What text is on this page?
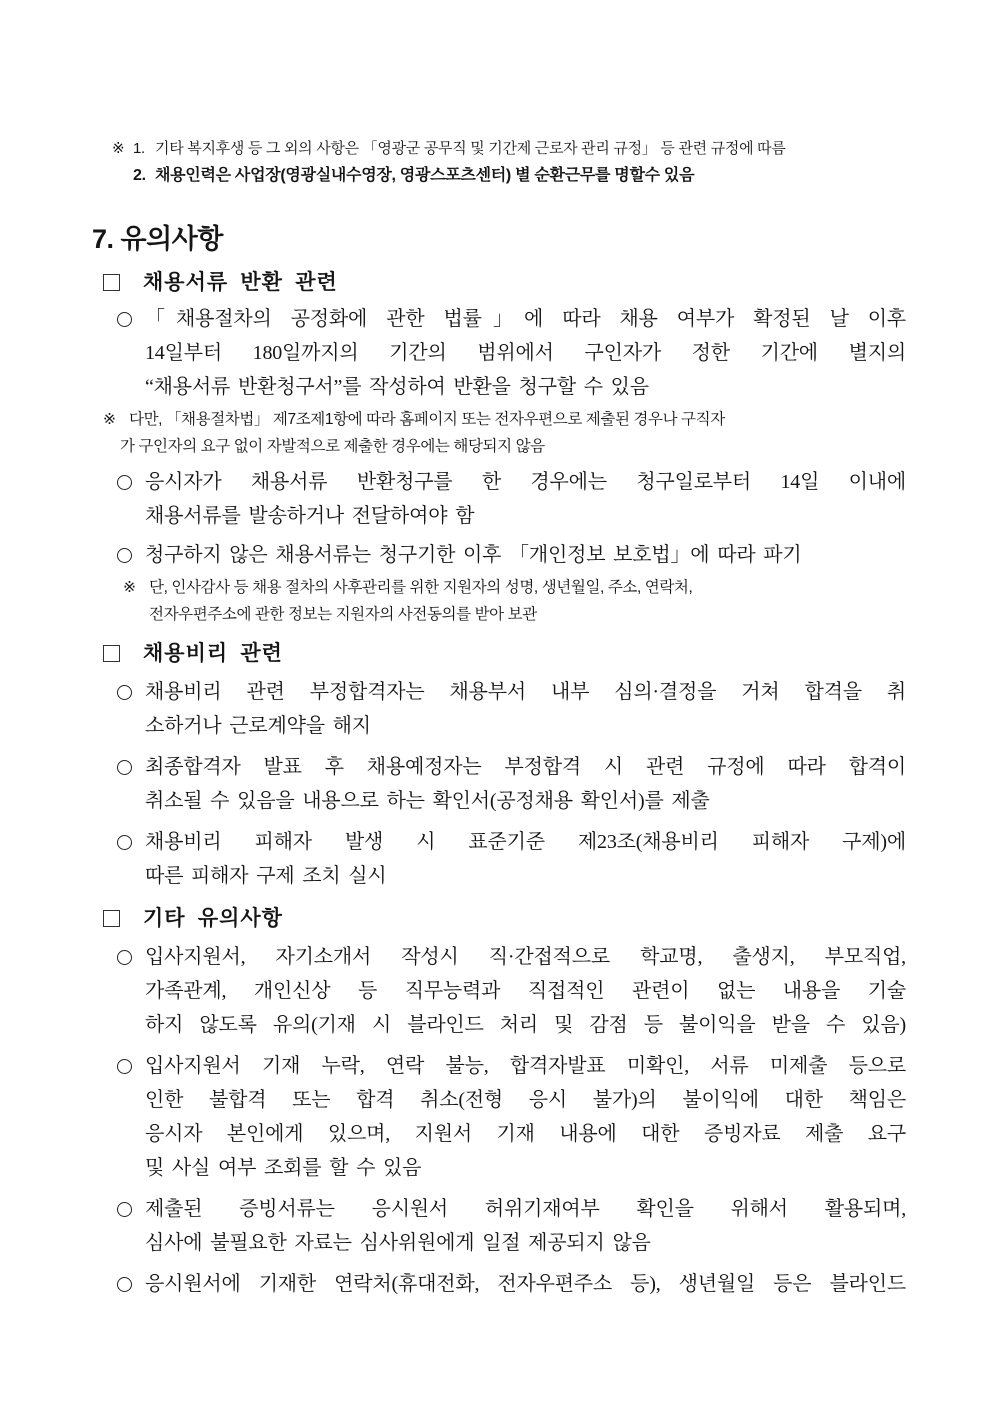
※ 1. 기타 복지후생 등 그 외의 사항은 「영광군 공무직 및 기간제 근로자 관리 규정」 등 관련 규정에 따름
2. 채용인력은 사업장(영광실내수영장, 영광스포츠센터) 별 순환근무를 명할수 있음
7. 유의사항
채용서류 반환 관련
「채용절차의 공정화에 관한 법률」에 따라 채용 여부가 확정된 날 이후
14일부터 180일까지의 기간의 범위에서 구인자가 정한 기간에 별지의
“채용서류 반환청구서”를 작성하여 반환을 청구할 수 있음
※ 다만, 「채용절차법」 제7조제1항에 따라 홈페이지 또는 전자우편으로 제출된 경우나 구직자
가 구인자의 요구 없이 자발적으로 제출한 경우에는 해당되지 않음
응시자가 채용서류 반환청구를 한 경우에는 청구일로부터 14일 이내에
채용서류를 발송하거나 전달하여야 함
청구하지 않은 채용서류는 청구기한 이후 「개인정보 보호법」에 따라 파기
※ 단, 인사감사 등 채용 절차의 사후관리를 위한 지원자의 성명, 생년월일, 주소, 연락처,
전자우편주소에 관한 정보는 지원자의 사전동의를 받아 보관
채용비리 관련
채용비리 관련 부정합격자는 채용부서 내부 심의·결정을 거쳐 합격을 취
소하거나 근로계약을 해지
최종합격자 발표 후 채용예정자는 부정합격 시 관련 규정에 따라 합격이
취소될 수 있음을 내용으로 하는 확인서(공정채용 확인서)를 제출
채용비리 피해자 발생 시 표준기준 제23조(채용비리 피해자 구제)에
따른 피해자 구제 조치 실시
기타 유의사항
입사지원서, 자기소개서 작성시 직·간접적으로 학교명, 출생지, 부모직업,
가족관계, 개인신상 등 직무능력과 직접적인 관련이 없는 내용을 기술
하지 않도록 유의(기재 시 블라인드 처리 및 감점 등 불이익을 받을 수 있음)
입사지원서 기재 누락, 연락 불능, 합격자발표 미확인, 서류 미제출 등으로
인한 불합격 또는 합격 취소(전형 응시 불가)의 불이익에 대한 책임은
응시자 본인에게 있으며, 지원서 기재 내용에 대한 증빙자료 제출 요구
및 사실 여부 조회를 할 수 있음
제출된 증빙서류는 응시원서 허위기재여부 확인을 위해서 활용되며,
심사에 불필요한 자료는 심사위원에게 일절 제공되지 않음
응시원서에 기재한 연락처(휴대전화, 전자우편주소 등), 생년월일 등은 블라인드
